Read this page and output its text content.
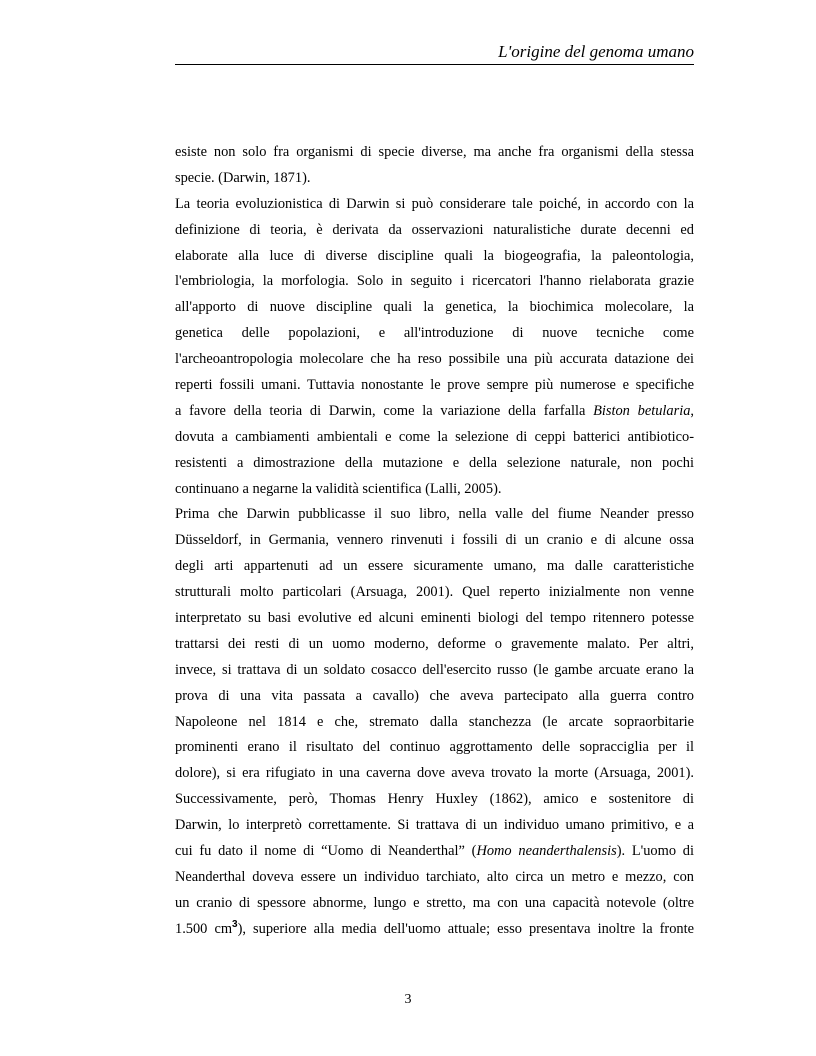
L'origine del genoma umano
esiste non solo fra organismi di specie diverse, ma anche fra organismi della stessa
specie. (Darwin, 1871).
La teoria evoluzionistica di Darwin si può considerare tale poiché, in accordo con la
definizione di teoria, è derivata da osservazioni naturalistiche durate decenni ed
elaborate alla luce di diverse discipline quali la biogeografia, la paleontologia,
l'embriologia, la morfologia. Solo in seguito i ricercatori l'hanno rielaborata grazie
all'apporto di nuove discipline quali la genetica, la biochimica molecolare, la
genetica delle popolazioni, e all'introduzione di nuove tecniche come
l'archeoantropologia molecolare che ha reso possibile una più accurata datazione dei
reperti fossili umani. Tuttavia nonostante le prove sempre più numerose e specifiche
a favore della teoria di Darwin, come la variazione della farfalla Biston betularia,
dovuta a cambiamenti ambientali e come la selezione di ceppi batterici antibiotico-
resistenti a dimostrazione della mutazione e della selezione naturale, non pochi
continuano a negarne la validità scientifica (Lalli, 2005).
Prima che Darwin pubblicasse il suo libro, nella valle del fiume Neander presso
Düsseldorf, in Germania, vennero rinvenuti i fossili di un cranio e di alcune ossa
degli arti appartenuti ad un essere sicuramente umano, ma dalle caratteristiche
strutturali molto particolari (Arsuaga, 2001). Quel reperto inizialmente non venne
interpretato su basi evolutive ed alcuni eminenti biologi del tempo ritennero potesse
trattarsi dei resti di un uomo moderno, deforme o gravemente malato. Per altri,
invece, si trattava di un soldato cosacco dell'esercito russo (le gambe arcuate erano la
prova di una vita passata a cavallo) che aveva partecipato alla guerra contro
Napoleone nel 1814 e che, stremato dalla stanchezza (le arcate sopraorbitarie
prominenti erano il risultato del continuo aggrottamento delle sopracciglia per il
dolore), si era rifugiato in una caverna dove aveva trovato la morte (Arsuaga, 2001).
Successivamente, però, Thomas Henry Huxley (1862), amico e sostenitore di
Darwin, lo interpretò correttamente. Si trattava di un individuo umano primitivo, e a
cui fu dato il nome di “Uomo di Neanderthal” (Homo neanderthalensis). L'uomo di
Neanderthal doveva essere un individuo tarchiato, alto circa un metro e mezzo, con
un cranio di spessore abnorme, lungo e stretto, ma con una capacità notevole (oltre
1.500 $cm^3$), superiore alla media dell'uomo attuale; esso presentava inoltre la fronte
3
